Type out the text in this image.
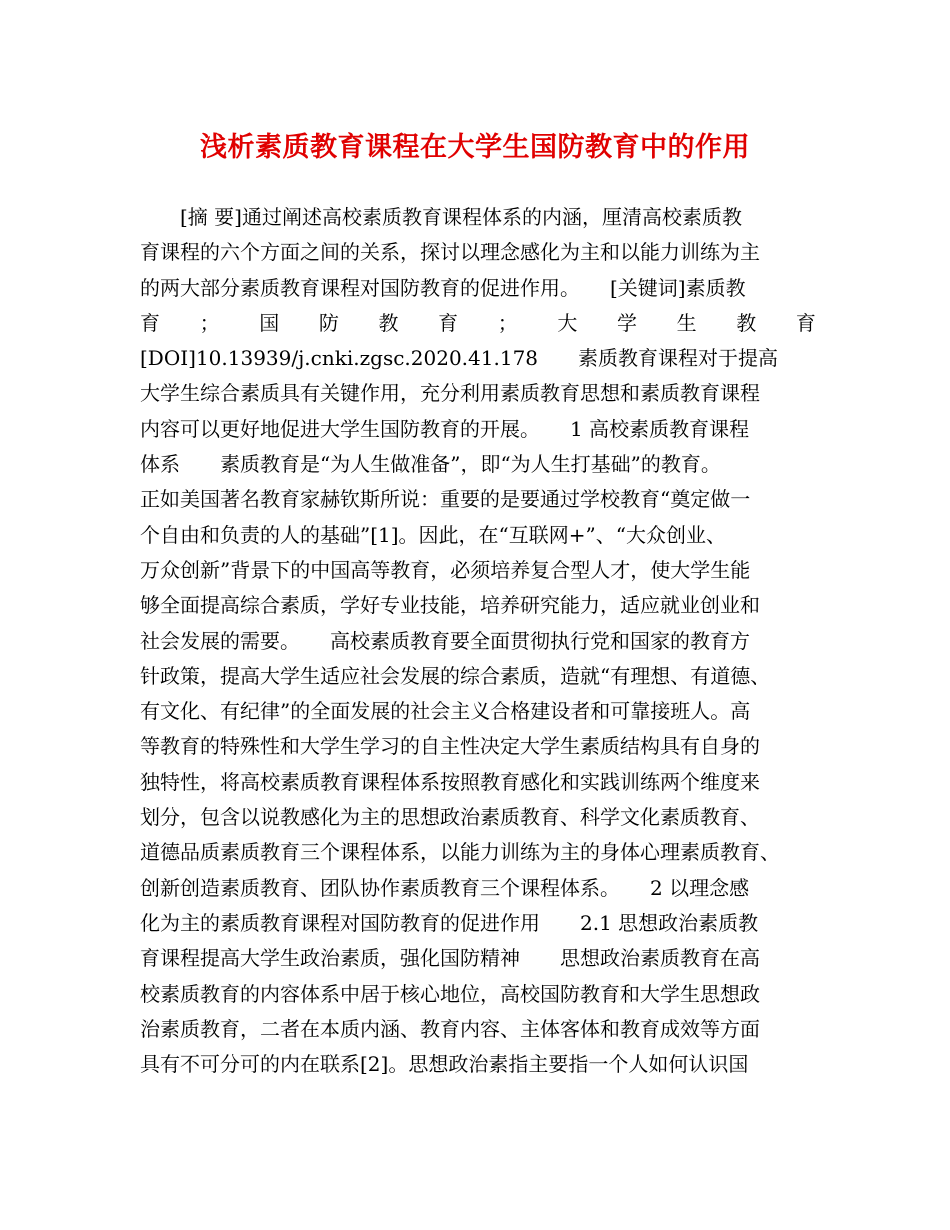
浅析素质教育课程在大学生国防教育中的作用
　　[摘 要]通过阐述高校素质教育课程体系的内涵，厘清高校素质教
育课程的六个方面之间的关系，探讨以理念感化为主和以能力训练为主
的两大部分素质教育课程对国防教育的促进作用。　　[关键词]素质教
育 ； 国 防 教 育 ； 大 学 生 教 育
[DOI]10.13939/j.cnki.zgsc.2020.41.178　　素质教育课程对于提高
大学生综合素质具有关键作用，充分利用素质教育思想和素质教育课程
内容可以更好地促进大学生国防教育的开展。　　1 高校素质教育课程
体系　　素质教育是“为人生做准备”，即“为人生打基础”的教育。
正如美国著名教育家赫钦斯所说：重要的是要通过学校教育“奠定做一
个自由和负责的人的基础”[1]。因此，在“互联网+”、“大众创业、
万众创新”背景下的中国高等教育，必须培养复合型人才，使大学生能
够全面提高综合素质，学好专业技能，培养研究能力，适应就业创业和
社会发展的需要。　　高校素质教育要全面贯彻执行党和国家的教育方
针政策，提高大学生适应社会发展的综合素质，造就“有理想、有道德、
有文化、有纪律”的全面发展的社会主义合格建设者和可靠接班人。高
等教育的特殊性和大学生学习的自主性决定大学生素质结构具有自身的
独特性，将高校素质教育课程体系按照教育感化和实践训练两个维度来
划分，包含以说教感化为主的思想政治素质教育、科学文化素质教育、
道德品质素质教育三个课程体系，以能力训练为主的身体心理素质教育、
创新创造素质教育、团队协作素质教育三个课程体系。　　2 以理念感
化为主的素质教育课程对国防教育的促进作用　　2.1 思想政治素质教
育课程提高大学生政治素质，强化国防精神　　思想政治素质教育在高
校素质教育的内容体系中居于核心地位，高校国防教育和大学生思想政
治素质教育，二者在本质内涵、教育内容、主体客体和教育成效等方面
具有不可分可的内在联系[2]。思想政治素指主要指一个人如何认识国
